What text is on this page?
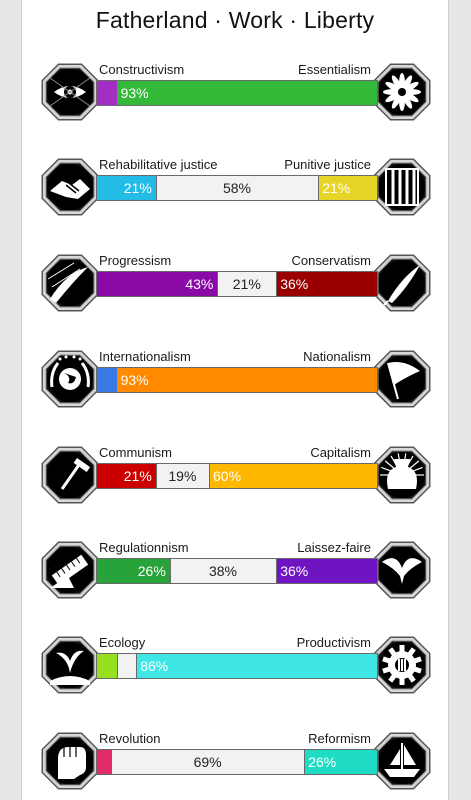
Fatherland · Work · Liberty
Constructivism	Essentialism
93%
Rehabilitative justice	Punitive justice
21%	58%	21%
Progressism	Conservatism
43% 21% 36%
Internationalism	Nationalism
93%
Communism	Capitalism
21% 19% 60%
Regulationnism	Laissez-faire
26%	38%	36%
Ecology	Productivism
86%
Revolution	Reformism
69%	26%
